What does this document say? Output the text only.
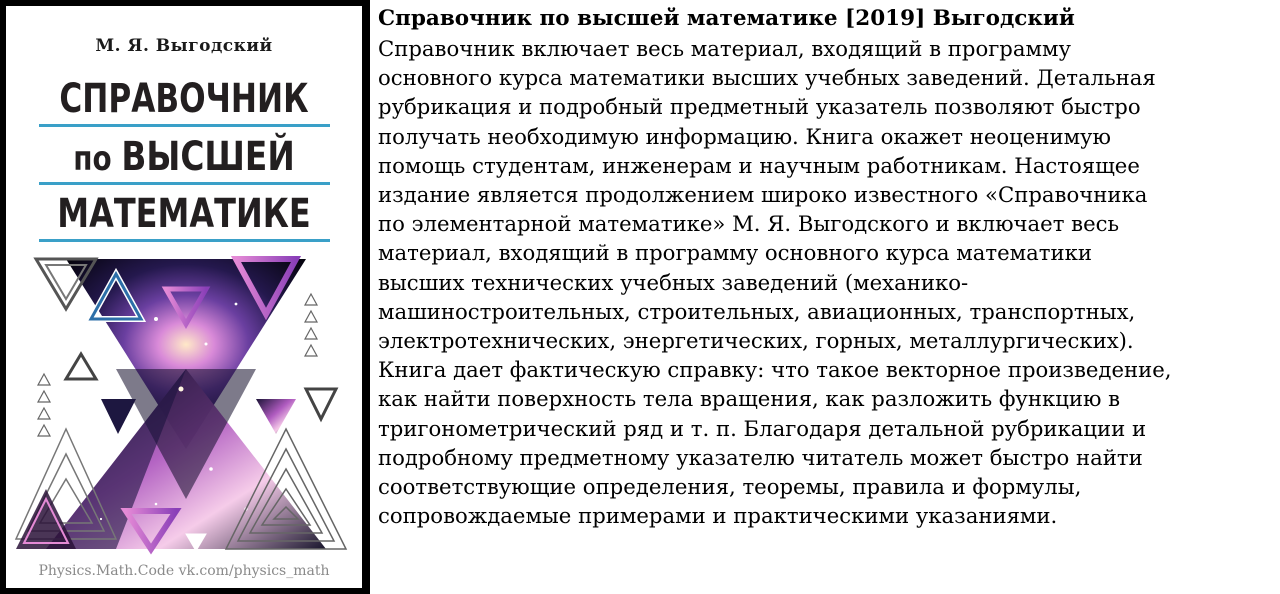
М. Я. Выгодский
СПРАВОЧНИК
по ВЫСШЕЙ
МАТЕМАТИКЕ
Physics.Math.Code vk.com/physics_math

Справочник по высшей математике [2019] Выгодский

Справочник включает весь материал, входящий в программу
основного курса математики высших учебных заведений. Детальная
рубрикация и подробный предметный указатель позволяют быстро
получать необходимую информацию. Книга окажет неоценимую
помощь студентам, инженерам и научным работникам. Настоящее
издание является продолжением широко известного «Справочника
по элементарной математике» М. Я. Выгодского и включает весь
материал, входящий в программу основного курса математики
высших технических учебных заведений (механико-
машиностроительных, строительных, авиационных, транспортных,
электротехнических, энергетических, горных, металлургических).
Книга дает фактическую справку: что такое векторное произведение,
как найти поверхность тела вращения, как разложить функцию в
тригонометрический ряд и т. п. Благодаря детальной рубрикации и
подробному предметному указателю читатель может быстро найти
соответствующие определения, теоремы, правила и формулы,
сопровождаемые примерами и практическими указаниями.
